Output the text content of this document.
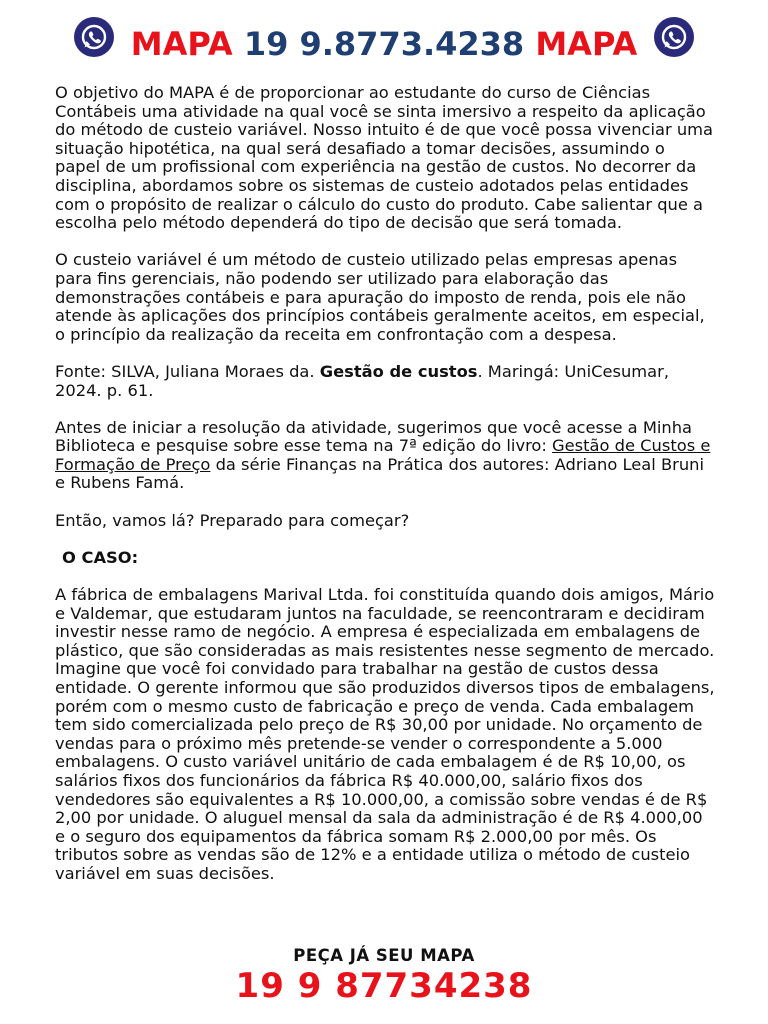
MAPA 19 9.8773.4238 MAPA

O objetivo do MAPA é de proporcionar ao estudante do curso de Ciências Contábeis uma atividade na qual você se sinta imersivo a respeito da aplicação do método de custeio variável. Nosso intuito é de que você possa vivenciar uma situação hipotética, na qual será desafiado a tomar decisões, assumindo o papel de um profissional com experiência na gestão de custos. No decorrer da disciplina, abordamos sobre os sistemas de custeio adotados pelas entidades com o propósito de realizar o cálculo do custo do produto. Cabe salientar que a escolha pelo método dependerá do tipo de decisão que será tomada.

O custeio variável é um método de custeio utilizado pelas empresas apenas para fins gerenciais, não podendo ser utilizado para elaboração das demonstrações contábeis e para apuração do imposto de renda, pois ele não atende às aplicações dos princípios contábeis geralmente aceitos, em especial, o princípio da realização da receita em confrontação com a despesa.

Fonte: SILVA, Juliana Moraes da. Gestão de custos. Maringá: UniCesumar, 2024. p. 61.

Antes de iniciar a resolução da atividade, sugerimos que você acesse a Minha Biblioteca e pesquise sobre esse tema na 7ª edição do livro: Gestão de Custos e Formação de Preço da série Finanças na Prática dos autores: Adriano Leal Bruni e Rubens Famá.

Então, vamos lá? Preparado para começar?

O CASO:

A fábrica de embalagens Marival Ltda. foi constituída quando dois amigos, Mário e Valdemar, que estudaram juntos na faculdade, se reencontraram e decidiram investir nesse ramo de negócio. A empresa é especializada em embalagens de plástico, que são consideradas as mais resistentes nesse segmento de mercado. Imagine que você foi convidado para trabalhar na gestão de custos dessa entidade. O gerente informou que são produzidos diversos tipos de embalagens, porém com o mesmo custo de fabricação e preço de venda. Cada embalagem tem sido comercializada pelo preço de R$ 30,00 por unidade. No orçamento de vendas para o próximo mês pretende-se vender o correspondente a 5.000 embalagens. O custo variável unitário de cada embalagem é de R$ 10,00, os salários fixos dos funcionários da fábrica R$ 40.000,00, salário fixos dos vendedores são equivalentes a R$ 10.000,00, a comissão sobre vendas é de R$ 2,00 por unidade. O aluguel mensal da sala da administração é de R$ 4.000,00 e o seguro dos equipamentos da fábrica somam R$ 2.000,00 por mês. Os tributos sobre as vendas são de 12% e a entidade utiliza o método de custeio variável em suas decisões.

PEÇA JÁ SEU MAPA
19 9 87734238
